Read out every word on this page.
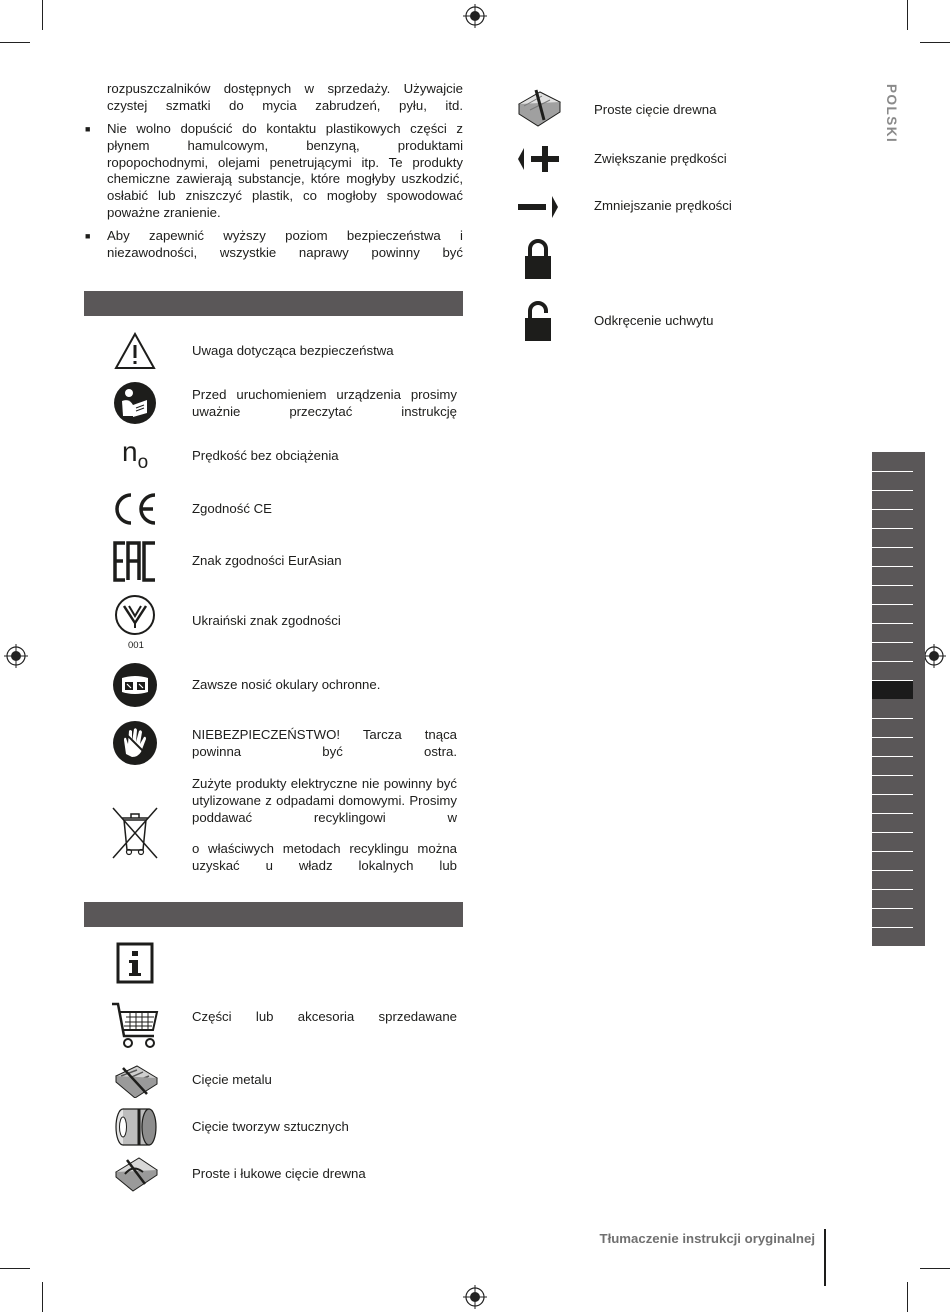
POLSKI
rozpuszczalników dostępnych w sprzedaży. Używajcie czystej szmatki do mycia zabrudzeń, pyłu, itd.
■ Nie wolno dopuścić do kontaktu plastikowych części z płynem hamulcowym, benzyną, produktami ropopochodnymi, olejami penetrującymi itp. Te produkty chemiczne zawierają substancje, które mogłyby uszkodzić, osłabić lub zniszczyć plastik, co mogłoby spowodować poważne zranienie.
■ Aby zapewnić wyższy poziom bezpieczeństwa i niezawodności, wszystkie naprawy powinny być
Uwaga dotycząca bezpieczeństwa
Przed uruchomieniem urządzenia prosimy uważnie przeczytać instrukcję
$n_o$	Prędkość bez obciążenia
Zgodność CE
Znak zgodności EurAsian
001
Ukraiński znak zgodności
Zawsze nosić okulary ochronne.
NIEBEZPIECZEŃSTWO! Tarcza tnąca powinna być ostra.
Zużyte produkty elektryczne nie powinny być utylizowane z odpadami domowymi. Prosimy poddawać recyklingowi w
o właściwych metodach recyklingu można uzyskać u władz lokalnych lub
Części lub akcesoria sprzedawane
Cięcie metalu
Cięcie tworzyw sztucznych
Proste i łukowe cięcie drewna
Proste cięcie drewna
Zwiększanie prędkości
Zmniejszanie prędkości
Odkręcenie uchwytu
Tłumaczenie instrukcji oryginalnej
